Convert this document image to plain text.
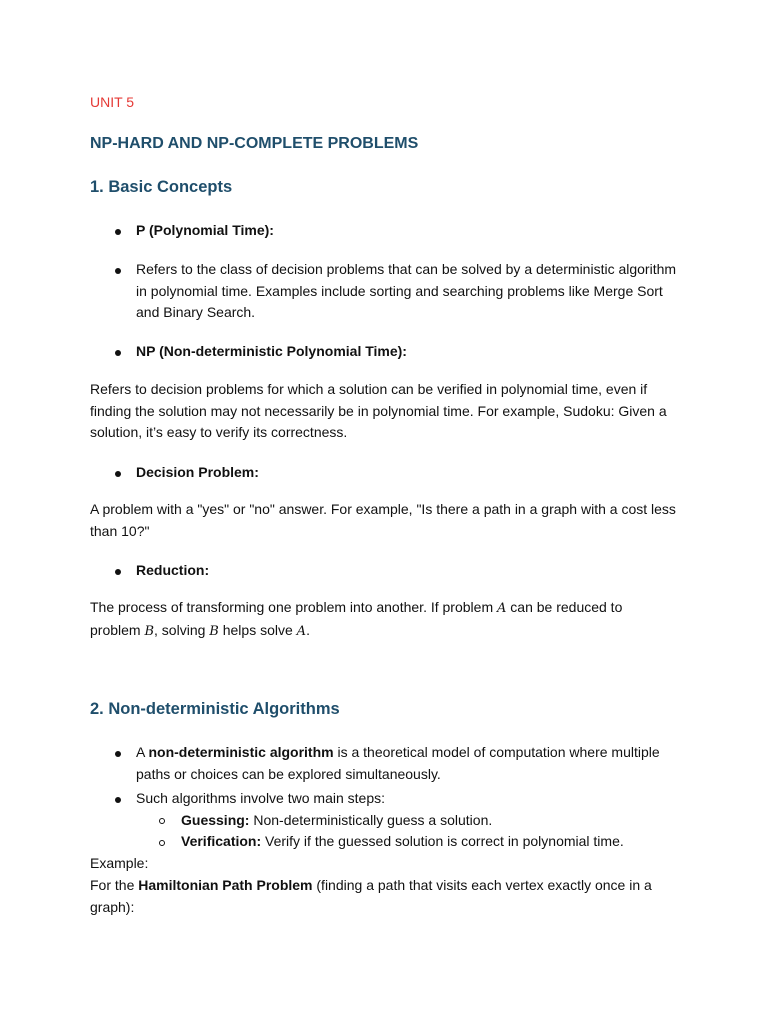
UNIT 5

NP-HARD AND NP-COMPLETE PROBLEMS
1. Basic Concepts

P (Polynomial Time):

Refers to the class of decision problems that can be solved by a deterministic algorithm in polynomial time. Examples include sorting and searching problems like Merge Sort and Binary Search.

NP (Non-deterministic Polynomial Time):

Refers to decision problems for which a solution can be verified in polynomial time, even if finding the solution may not necessarily be in polynomial time. For example, Sudoku: Given a solution, it’s easy to verify its correctness.

Decision Problem:

A problem with a "yes" or "no" answer. For example, "Is there a path in a graph with a cost less than 10?"

Reduction:

The process of transforming one problem into another. If problem A can be reduced to problem B, solving B helps solve A.

2. Non-deterministic Algorithms

A non-deterministic algorithm is a theoretical model of computation where multiple paths or choices can be explored simultaneously.

Such algorithms involve two main steps:

Guessing: Non-deterministically guess a solution.

Verification: Verify if the guessed solution is correct in polynomial time.

Example:

For the Hamiltonian Path Problem (finding a path that visits each vertex exactly once in a graph):
